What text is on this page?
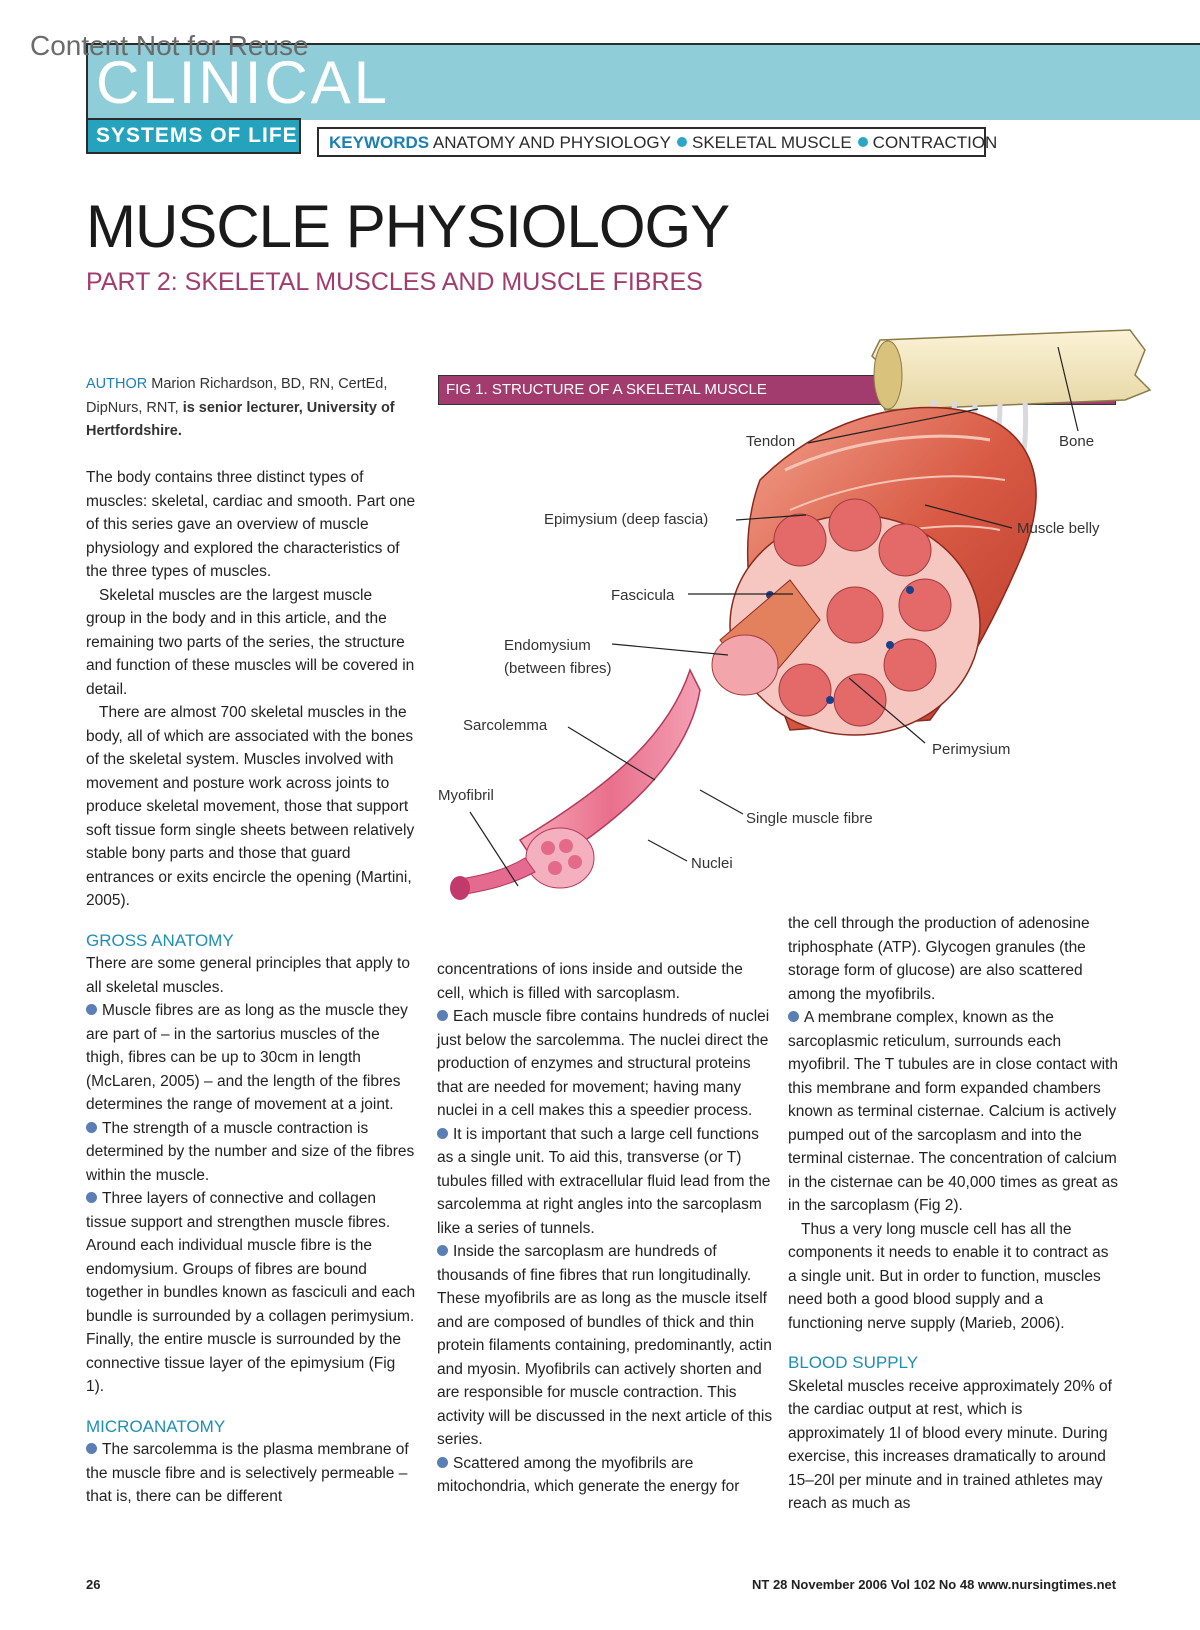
Content Not for Reuse
CLINICAL
SYSTEMS OF LIFE	KEYWORDS ANATOMY AND PHYSIOLOGY SKELETAL MUSCLE CONTRACTION
MUSCLE PHYSIOLOGY
PART 2: SKELETAL MUSCLES AND MUSCLE FIBRES
AUTHOR Marion Richardson, BD, RN, CertEd, DipNurs, RNT, is senior lecturer, University of Hertfordshire.

The body contains three distinct types of muscles: skeletal, cardiac and smooth. Part one of this series gave an overview of muscle physiology and explored the characteristics of the three types of muscles.

Skeletal muscles are the largest muscle group in the body and in this article, and the remaining two parts of the series, the structure and function of these muscles will be covered in detail.

There are almost 700 skeletal muscles in the body, all of which are associated with the bones of the skeletal system. Muscles involved with movement and posture work across joints to produce skeletal movement, those that support soft tissue form single sheets between relatively stable bony parts and those that guard entrances or exits encircle the opening (Martini, 2005).

GROSS ANATOMY

There are some general principles that apply to all skeletal muscles.

Muscle fibres are as long as the muscle they are part of – in the sartorius muscles of the thigh, fibres can be up to 30cm in length (McLaren, 2005) – and the length of the fibres determines the range of movement at a joint.

The strength of a muscle contraction is determined by the number and size of the fibres within the muscle.

Three layers of connective and collagen tissue support and strengthen muscle fibres. Around each individual muscle fibre is the endomysium. Groups of fibres are bound together in bundles known as fasciculi and each bundle is surrounded by a collagen perimysium. Finally, the entire muscle is surrounded by the connective tissue layer of the epimysium (Fig 1).

MICROANATOMY

The sarcolemma is the plasma membrane of the muscle fibre and is selectively permeable – that is, there can be different

concentrations of ions inside and outside the cell, which is filled with sarcoplasm.

Each muscle fibre contains hundreds of nuclei just below the sarcolemma. The nuclei direct the production of enzymes and structural proteins that are needed for movement; having many nuclei in a cell makes this a speedier process.

It is important that such a large cell functions as a single unit. To aid this, transverse (or T) tubules filled with extracellular fluid lead from the sarcolemma at right angles into the sarcoplasm like a series of tunnels.

Inside the sarcoplasm are hundreds of thousands of fine fibres that run longitudinally. These myofibrils are as long as the muscle itself and are composed of bundles of thick and thin protein filaments containing, predominantly, actin and myosin. Myofibrils can actively shorten and are responsible for muscle contraction. This activity will be discussed in the next article of this series.

Scattered among the myofibrils are mitochondria, which generate the energy for

the cell through the production of adenosine triphosphate (ATP). Glycogen granules (the storage form of glucose) are also scattered among the myofibrils.

A membrane complex, known as the sarcoplasmic reticulum, surrounds each myofibril. The T tubules are in close contact with this membrane and form expanded chambers known as terminal cisternae. Calcium is actively pumped out of the sarcoplasm and into the terminal cisternae. The concentration of calcium in the cisternae can be 40,000 times as great as in the sarcoplasm (Fig 2).

Thus a very long muscle cell has all the components it needs to enable it to contract as a single unit. But in order to function, muscles need both a good blood supply and a functioning nerve supply (Marieb, 2006).

BLOOD SUPPLY

Skeletal muscles receive approximately 20% of the cardiac output at rest, which is approximately 1l of blood every minute. During exercise, this increases dramatically to around 15–20l per minute and in trained athletes may reach as much as

FIG 1. STRUCTURE OF A SKELETAL MUSCLE
Tendon	Bone
Epimysium (deep fascia)
Muscle belly
Fascicula
Endomysium
(between fibres)
Sarcolemma
Perimysium
Myofibril
Single muscle fibre
Nuclei
26	NT 28 November 2006 Vol 102 No 48 www.nursingtimes.net
